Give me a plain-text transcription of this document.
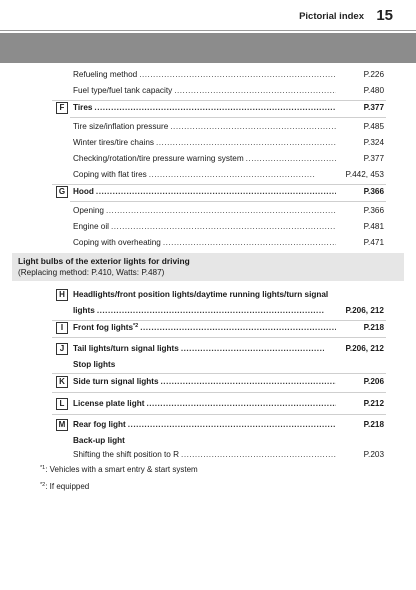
Pictorial index 15
Refueling method .....	P.226
Fuel type/fuel tank capacity .....	P.480
F	Tires .....	P.377
Tire size/inflation pressure .....	P.485
Winter tires/tire chains .....	P.324
Checking/rotation/tire pressure warning system .....	P.377
Coping with flat tires .....	P.442, 453
G Hood .....	P.366
Opening .....	P.366
Engine oil .....	P.481
Coping with overheating .....	P.471
Light bulbs of the exterior lights for driving
(Replacing method: P.410, Watts: P.487)
H Headlights/front position lights/daytime running lights/turn signal
lights .....	P.206, 212
I	Front fog lights$^{*2}$ .....	P.218
J	Tail lights/turn signal lights .....	P.206, 212
Stop lights
K Side turn signal lights .....	P.206
L	License plate light .....	P.212
M Rear fog light .....	P.218
Back-up light
Shifting the shift position to R .....	P.203
$^{*1}$: Vehicles with a smart entry & start system
$^{*2}$: If equipped
